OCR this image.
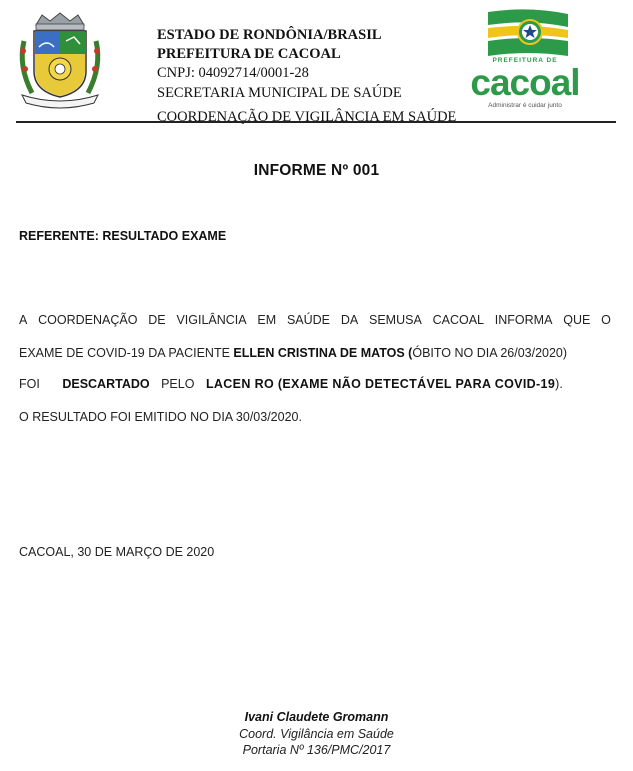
ESTADO DE RONDÔNIA/BRASIL
PREFEITURA DE CACOAL
CNPJ: 04092714/0001-28
SECRETARIA MUNICIPAL DE SAÚDE
COORDENAÇÃO DE VIGILÂNCIA EM SAÚDE
PREFEITURA DE
cacoal
Administrar é cuidar junto
INFORME Nº 001
REFERENTE: RESULTADO EXAME
A COORDENAÇÃO DE VIGILÂNCIA EM SAÚDE DA SEMUSA CACOAL INFORMA QUE O
EXAME DE COVID-19 DA PACIENTE ELLEN CRISTINA DE MATOS (ÓBITO NO DIA 26/03/2020)
FOI DESCARTADO PELO LACEN RO (EXAME NÃO DETECTÁVEL PARA COVID-19).
O RESULTADO FOI EMITIDO NO DIA 30/03/2020.
CACOAL, 30 DE MARÇO DE 2020
Ivani Claudete Gromann
Coord. Vigilância em Saúde
Portaria Nº 136/PMC/2017
